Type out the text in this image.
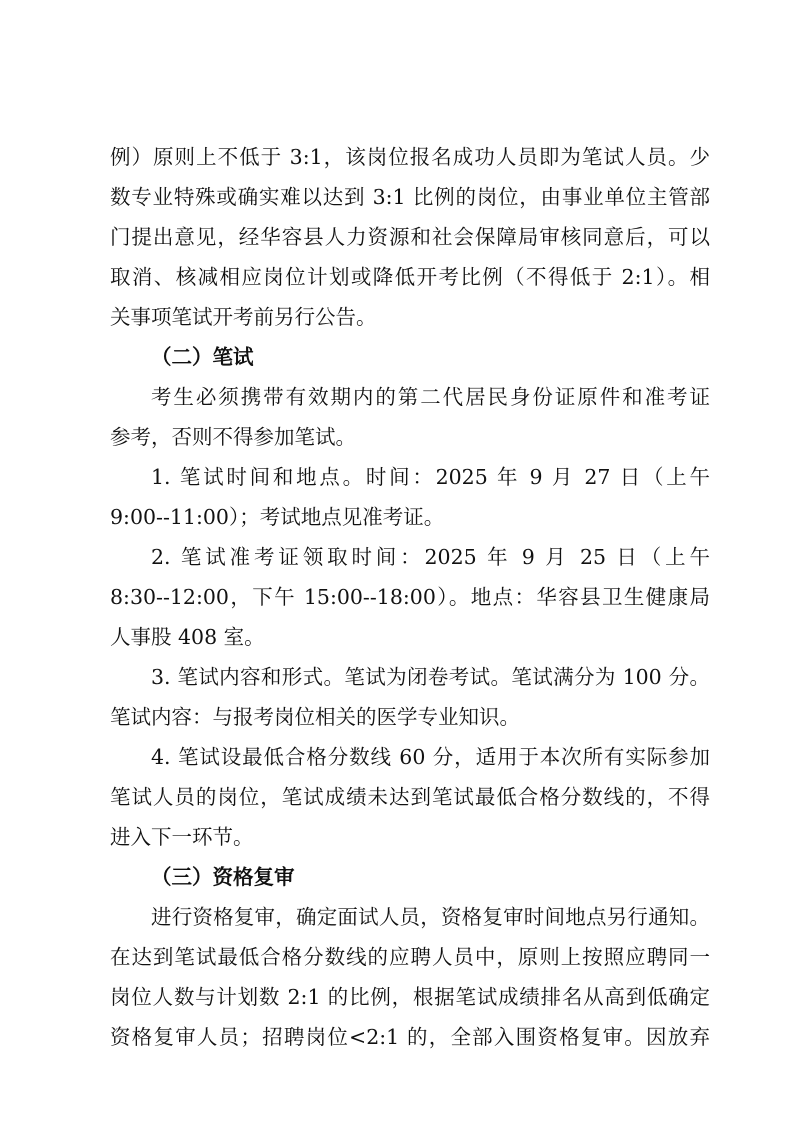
例）原则上不低于 3:1，该岗位报名成功人员即为笔试人员。少
数专业特殊或确实难以达到 3:1 比例的岗位，由事业单位主管部
门提出意见，经华容县人力资源和社会保障局审核同意后，可以
取消、核减相应岗位计划或降低开考比例（不得低于 2:1）。相
关事项笔试开考前另行公告。
（二）笔试
考生必须携带有效期内的第二代居民身份证原件和准考证
参考，否则不得参加笔试。
1. 笔试时间和地点。时间：2025 年 9 月 27 日（上午
9:00--11:00）；考试地点见准考证。
2. 笔试准考证领取时间：2025 年 9 月 25 日（上午
8:30--12:00，下午 15:00--18:00）。地点：华容县卫生健康局
人事股 408 室。
3. 笔试内容和形式。笔试为闭卷考试。笔试满分为 100 分。
笔试内容：与报考岗位相关的医学专业知识。
4. 笔试设最低合格分数线 60 分，适用于本次所有实际参加
笔试人员的岗位，笔试成绩未达到笔试最低合格分数线的，不得
进入下一环节。
（三）资格复审
进行资格复审，确定面试人员，资格复审时间地点另行通知。
在达到笔试最低合格分数线的应聘人员中，原则上按照应聘同一
岗位人数与计划数 2:1 的比例，根据笔试成绩排名从高到低确定
资格复审人员；招聘岗位<2:1 的，全部入围资格复审。因放弃
